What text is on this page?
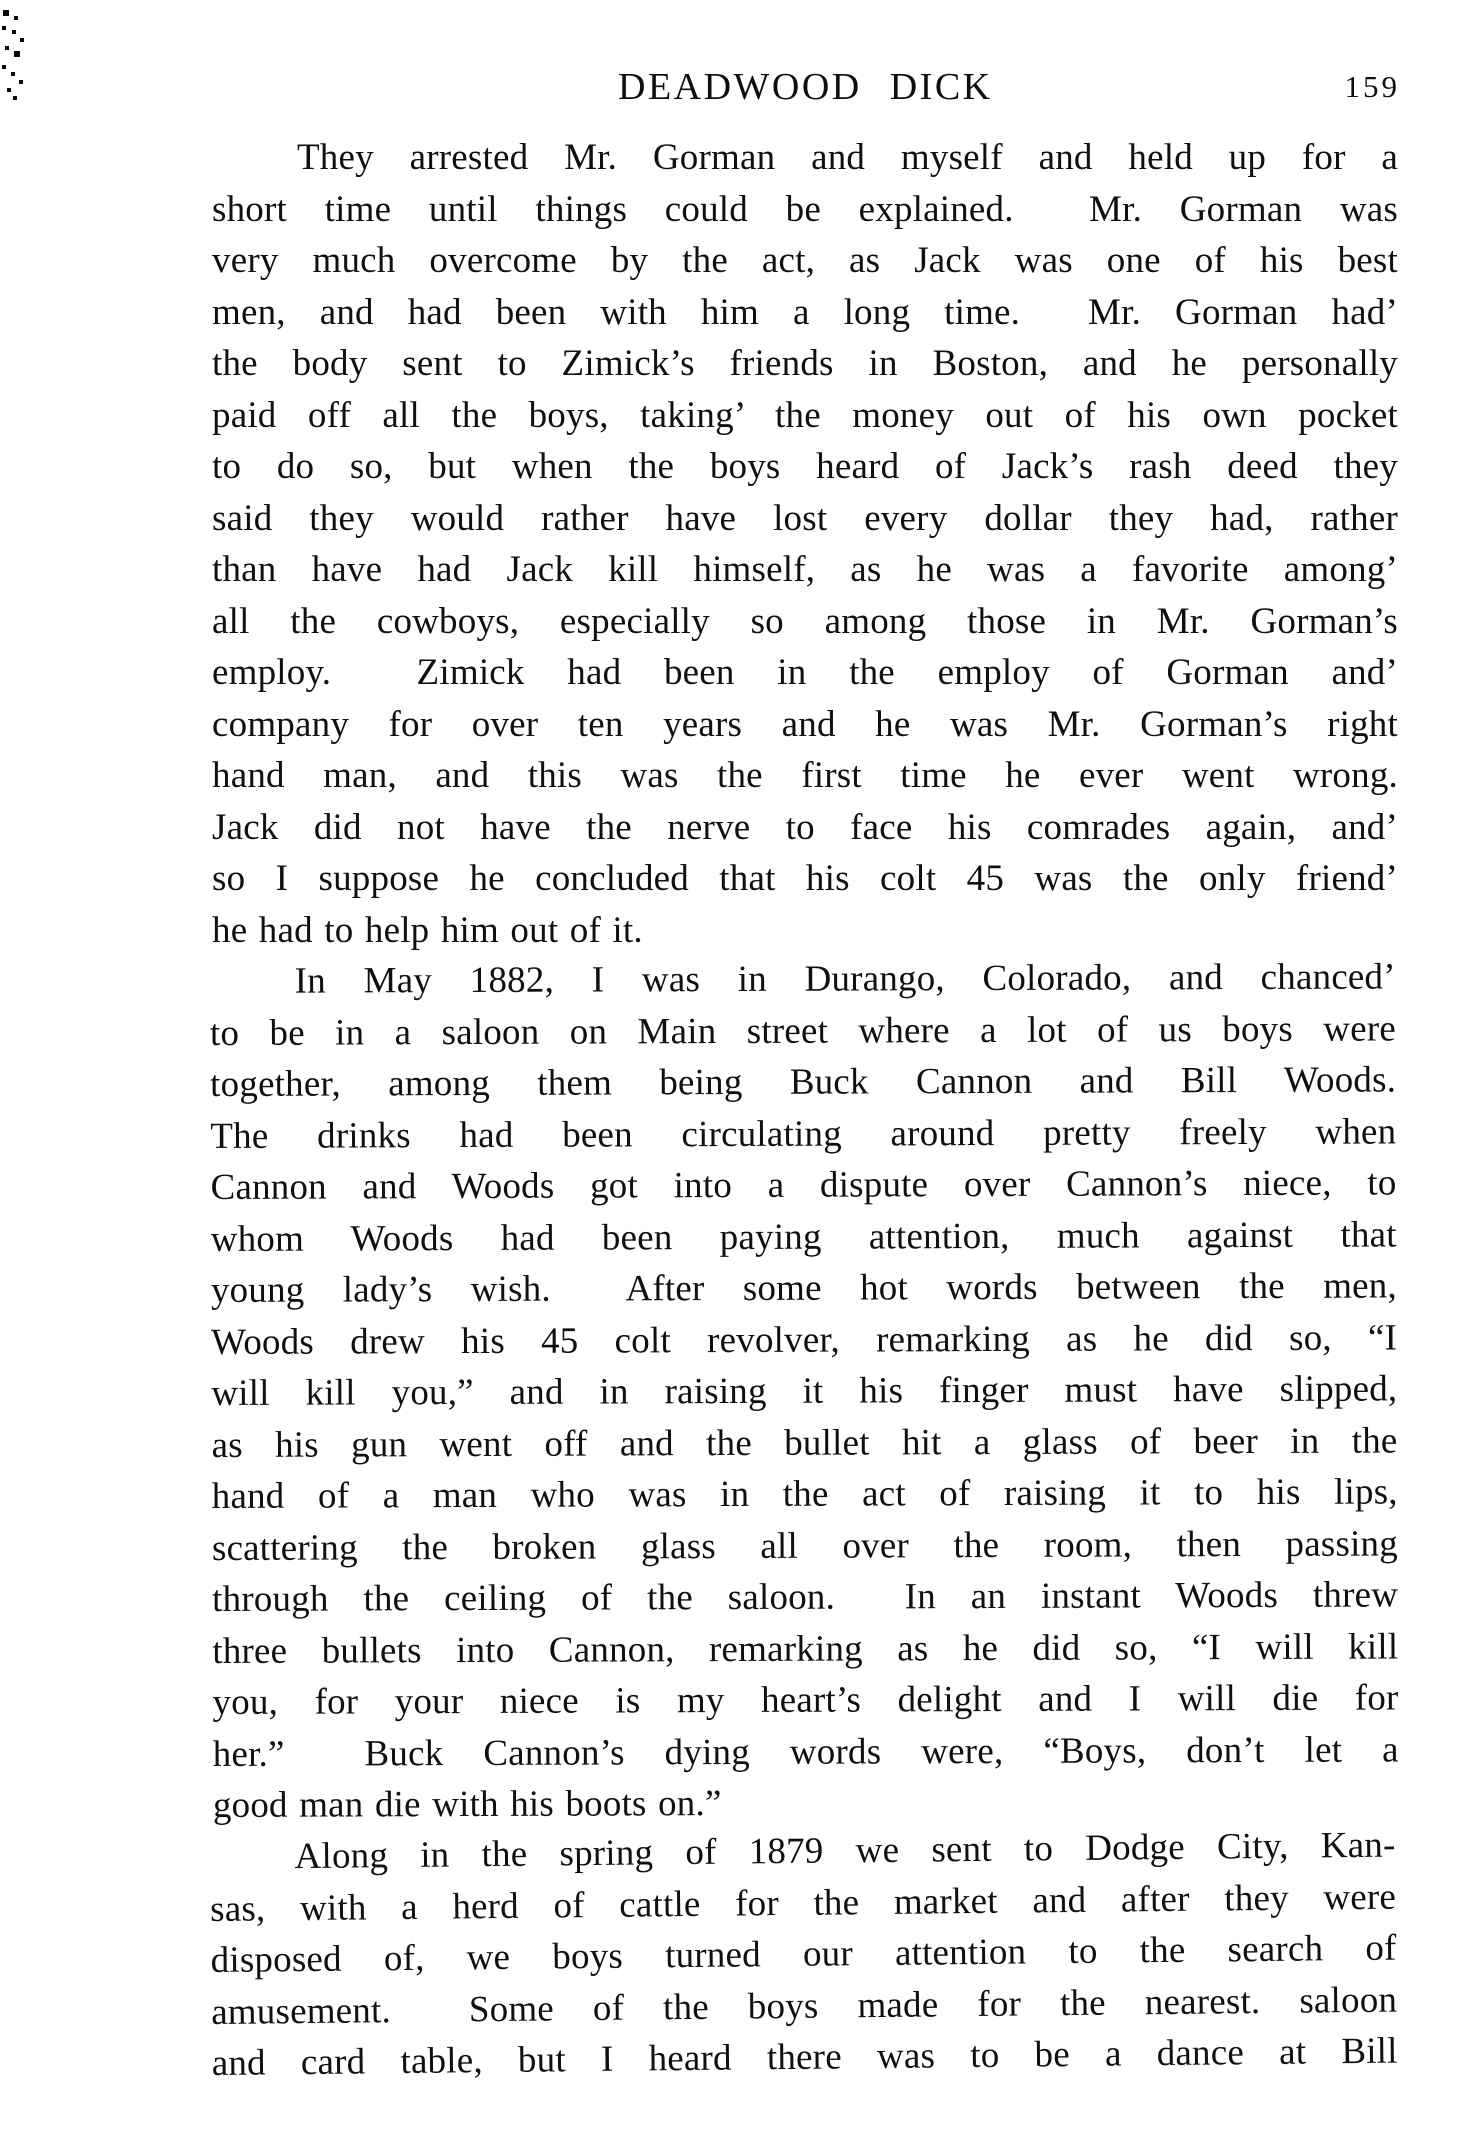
DEADWOOD DICK	159
They arrested Mr. Gorman and myself and held up for a
short time until things could be explained.  Mr. Gorman was
very much overcome by the act, as Jack was one of his best
men, and had been with him a long time.  Mr. Gorman had’
the body sent to Zimick’s friends in Boston, and he personally
paid off all the boys, taking’ the money out of his own pocket
to do so, but when the boys heard of Jack’s rash deed they
said they would rather have lost every dollar they had, rather
than have had Jack kill himself, as he was a favorite among’
all the cowboys, especially so among those in Mr. Gorman’s
employ.  Zimick had been in the employ of Gorman and’
company for over ten years and he was Mr. Gorman’s right
hand man, and this was the first time he ever went wrong.
Jack did not have the nerve to face his comrades again, and’
so I suppose he concluded that his colt 45 was the only friend’
he had to help him out of it.
In May 1882, I was in Durango, Colorado, and chanced’
to be in a saloon on Main street where a lot of us boys were
together, among them being Buck Cannon and Bill Woods.
The drinks had been circulating around pretty freely when
Cannon and Woods got into a dispute over Cannon’s niece, to
whom Woods had been paying attention, much against that
young lady’s wish.  After some hot words between the men,
Woods drew his 45 colt revolver, remarking as he did so, “I
will kill you,” and in raising it his finger must have slipped,
as his gun went off and the bullet hit a glass of beer in the
hand of a man who was in the act of raising it to his lips,
scattering the broken glass all over the room, then passing
through the ceiling of the saloon.  In an instant Woods threw
three bullets into Cannon, remarking as he did so, “I will kill
you, for your niece is my heart’s delight and I will die for
her.”  Buck Cannon’s dying words were, “Boys, don’t let a
good man die with his boots on.”
Along in the spring of 1879 we sent to Dodge City, Kan-
sas, with a herd of cattle for the market and after they were
disposed of, we boys turned our attention to the search of
amusement.  Some of the boys made for the nearest. saloon
and card table, but I heard there was to be a dance at Bill
